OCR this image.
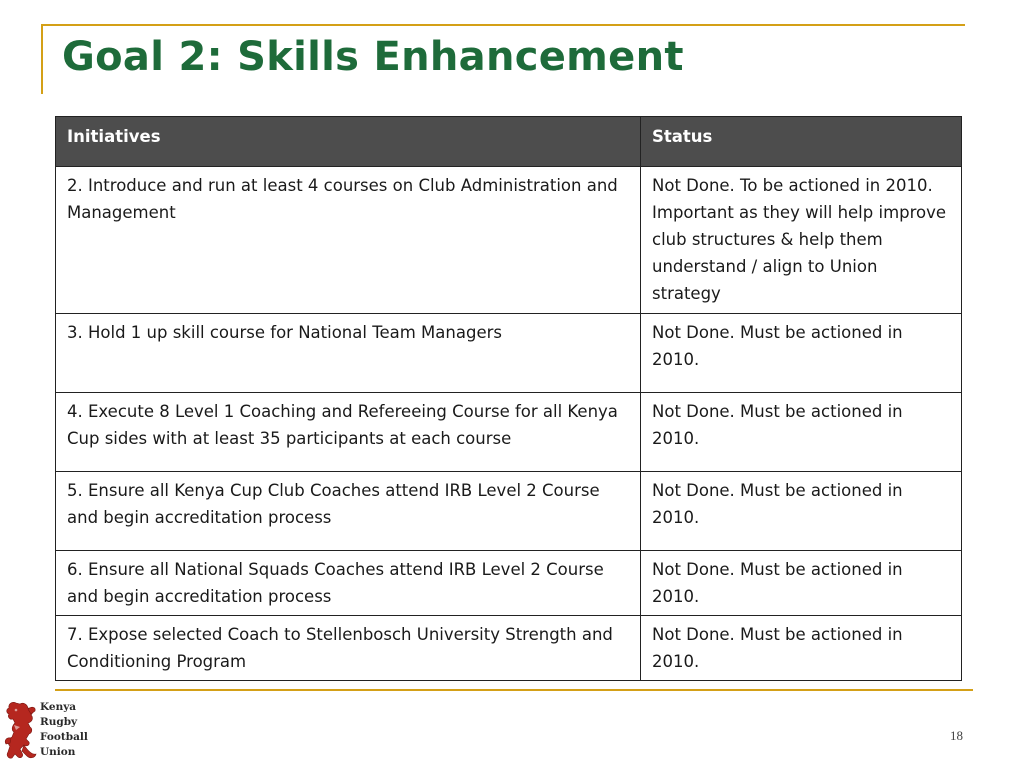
Goal 2: Skills Enhancement
Initiatives	Status
2. Introduce and run at least 4 courses on Club Administration and Management	Not Done. To be actioned in 2010. Important as they will help improve club structures & help them understand / align to Union strategy
3. Hold 1 up skill course for National Team Managers	Not Done. Must be actioned in 2010.
4. Execute 8 Level 1 Coaching and Refereeing Course for all Kenya Cup sides with at least 35 participants at each course	Not Done. Must be actioned in 2010.
5. Ensure all Kenya Cup Club Coaches attend IRB Level 2 Course and begin accreditation process	Not Done. Must be actioned in 2010.
6. Ensure all National Squads Coaches attend IRB Level 2 Course and begin accreditation process	Not Done. Must be actioned in 2010.
7. Expose selected Coach to Stellenbosch University Strength and Conditioning Program	Not Done. Must be actioned in 2010.
Kenya
Rugby
Football
Union
18
